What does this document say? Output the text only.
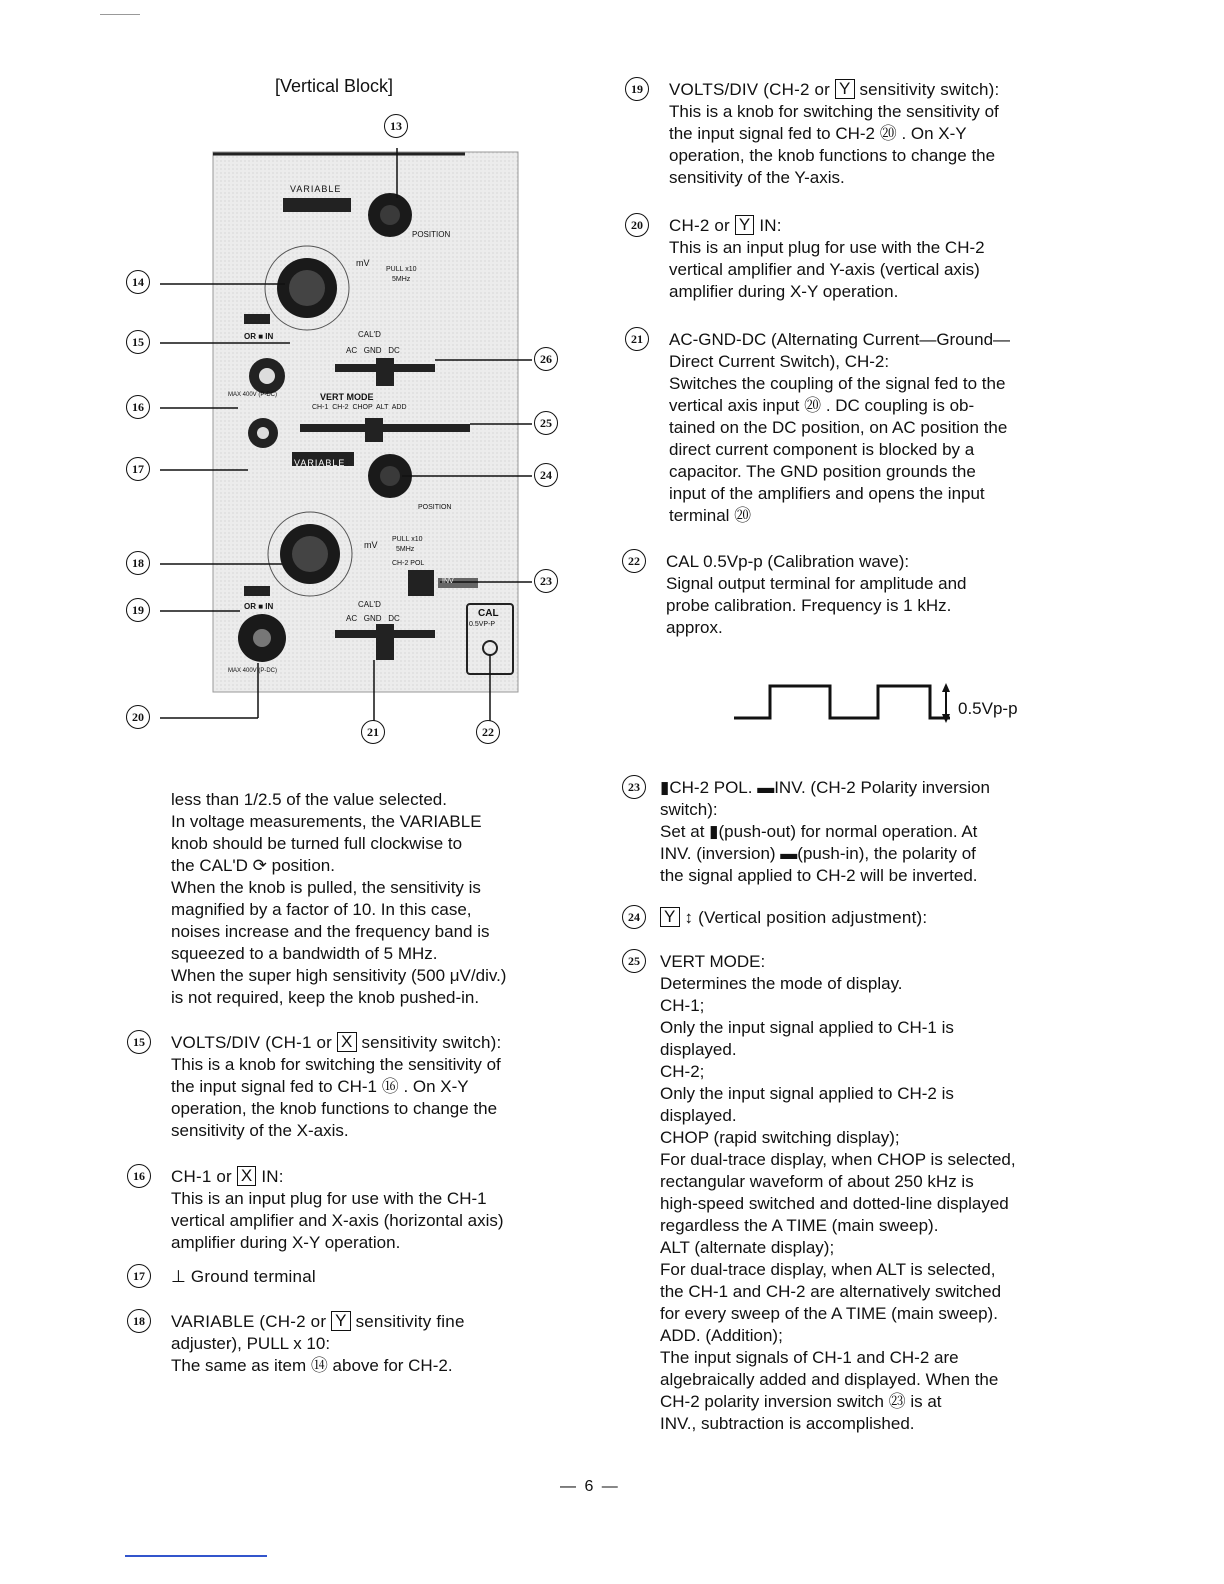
[Vertical Block]
VARIABLE
POSITION
mV
PULL x10
5MHz
CAL'D
OR ■ IN
AC   GND   DC
MAX 400V (P-DC)	VERT MODE
CH-1  CH-2  CHOP  ALT  ADD
VARIABLE
POSITION
mV
PULL x10
5MHz
CH-2 POL
INV
CAL'D
OR ■ IN
AC   GND   DC	CAL
0.5VP-P
MAX 400V (P-DC)
13
14
15
16
17
18
19
20
21	22
23
24
25
26
less than 1/2.5 of the value selected.
In voltage measurements, the VARIABLE
knob should be turned full clockwise to
the CAL'D ⟳ position.
When the knob is pulled, the sensitivity is
magnified by a factor of 10. In this case,
noises increase and the frequency band is
squeezed to a bandwidth of 5 MHz.
When the super high sensitivity (500 μV/div.)
is not required, keep the knob pushed-in.
15	VOLTS/DIV (CH-1 or X sensitivity switch):

This is a knob for switching the sensitivity of

the input signal fed to CH-1 ⑯ . On X-Y

operation, the knob functions to change the

sensitivity of the X-axis.

16	CH-1 or X IN:

This is an input plug for use with the CH-1

vertical amplifier and X-axis (horizontal axis)

amplifier during X-Y operation.

17	⊥ Ground terminal

18	VARIABLE (CH-2 or Y sensitivity fine

adjuster), PULL x 10:

The same as item ⑭ above for CH-2.

19	VOLTS/DIV (CH-2 or Y sensitivity switch):

This is a knob for switching the sensitivity of

the input signal fed to CH-2 ⑳ . On X-Y

operation, the knob functions to change the

sensitivity of the Y-axis.

20	CH-2 or Y IN:

This is an input plug for use with the CH-2

vertical amplifier and Y-axis (vertical axis)

amplifier during X-Y operation.

21	AC-GND-DC (Alternating Current—Ground—

Direct Current Switch), CH-2:

Switches the coupling of the signal fed to the

vertical axis input ⑳ . DC coupling is ob-

tained on the DC position, on AC position the

direct current component is blocked by a

capacitor. The GND position grounds the

input of the amplifiers and opens the input

terminal ⑳

22	CAL 0.5Vp-p (Calibration wave):

Signal output terminal for amplitude and

probe calibration. Frequency is 1 kHz.

approx.

0.5Vp-p
23	▮CH-2 POL. ▬INV. (CH-2 Polarity inversion

switch):

Set at ▮(push-out) for normal operation. At

INV. (inversion) ▬(push-in), the polarity of

the signal applied to CH-2 will be inverted.

24	Y ↕ (Vertical position adjustment):

25	VERT MODE:

Determines the mode of display.

CH-1;

Only the input signal applied to CH-1 is

displayed.

CH-2;

Only the input signal applied to CH-2 is

displayed.

CHOP (rapid switching display);

For dual-trace display, when CHOP is selected,

rectangular waveform of about 250 kHz is

high-speed switched and dotted-line displayed

regardless the A TIME (main sweep).

ALT (alternate display);

For dual-trace display, when ALT is selected,

the CH-1 and CH-2 are alternatively switched

for every sweep of the A TIME (main sweep).

ADD. (Addition);

The input signals of CH-1 and CH-2 are

algebraically added and displayed. When the

CH-2 polarity inversion switch ㉓ is at

INV., subtraction is accomplished.

— 6 —
